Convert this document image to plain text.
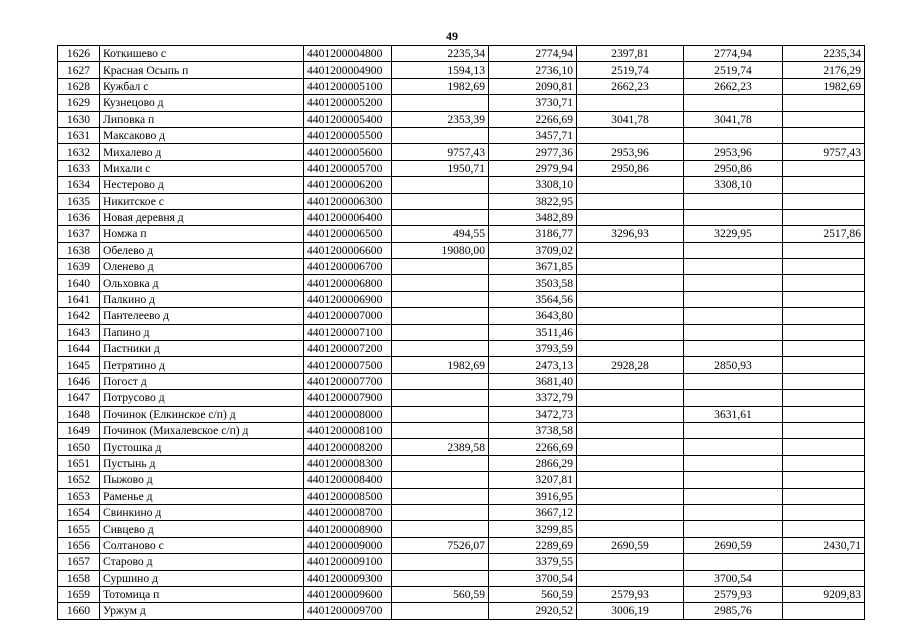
49
1626	Коткишево с	4401200004800	2235,34	2774,94	2397,81	2774,94	2235,34
1627	Красная Осыпь п	4401200004900	1594,13	2736,10	2519,74	2519,74	2176,29
1628	Кужбал с	4401200005100	1982,69	2090,81	2662,23	2662,23	1982,69
1629	Кузнецово д	4401200005200		3730,71			
1630	Липовка п	4401200005400	2353,39	2266,69	3041,78	3041,78	
1631	Максаково д	4401200005500		3457,71			
1632	Михалево д	4401200005600	9757,43	2977,36	2953,96	2953,96	9757,43
1633	Михали с	4401200005700	1950,71	2979,94	2950,86	2950,86	
1634	Нестерово д	4401200006200		3308,10		3308,10	
1635	Никитское с	4401200006300		3822,95			
1636	Новая деревня д	4401200006400		3482,89			
1637	Номжа п	4401200006500	494,55	3186,77	3296,93	3229,95	2517,86
1638	Обелево д	4401200006600	19080,00	3709,02			
1639	Оленево д	4401200006700		3671,85			
1640	Ольховка д	4401200006800		3503,58			
1641	Палкино д	4401200006900		3564,56			
1642	Пантелеево д	4401200007000		3643,80			
1643	Папино д	4401200007100		3511,46			
1644	Пастники д	4401200007200		3793,59			
1645	Петрятино д	4401200007500	1982,69	2473,13	2928,28	2850,93	
1646	Погост д	4401200007700		3681,40			
1647	Потрусово д	4401200007900		3372,79			
1648	Починок (Елкинское с/п) д	4401200008000		3472,73		3631,61	
1649	Починок (Михалевское с/п) д	4401200008100		3738,58			
1650	Пустошка д	4401200008200	2389,58	2266,69			
1651	Пустынь д	4401200008300		2866,29			
1652	Пыжово д	4401200008400		3207,81			
1653	Раменье д	4401200008500		3916,95			
1654	Свинкино д	4401200008700		3667,12			
1655	Сивцево д	4401200008900		3299,85			
1656	Солтаново с	4401200009000	7526,07	2289,69	2690,59	2690,59	2430,71
1657	Старово д	4401200009100		3379,55			
1658	Суршино д	4401200009300		3700,54		3700,54	
1659	Тотомица п	4401200009600	560,59	560,59	2579,93	2579,93	9209,83
1660	Уржум д	4401200009700		2920,52	3006,19	2985,76	
